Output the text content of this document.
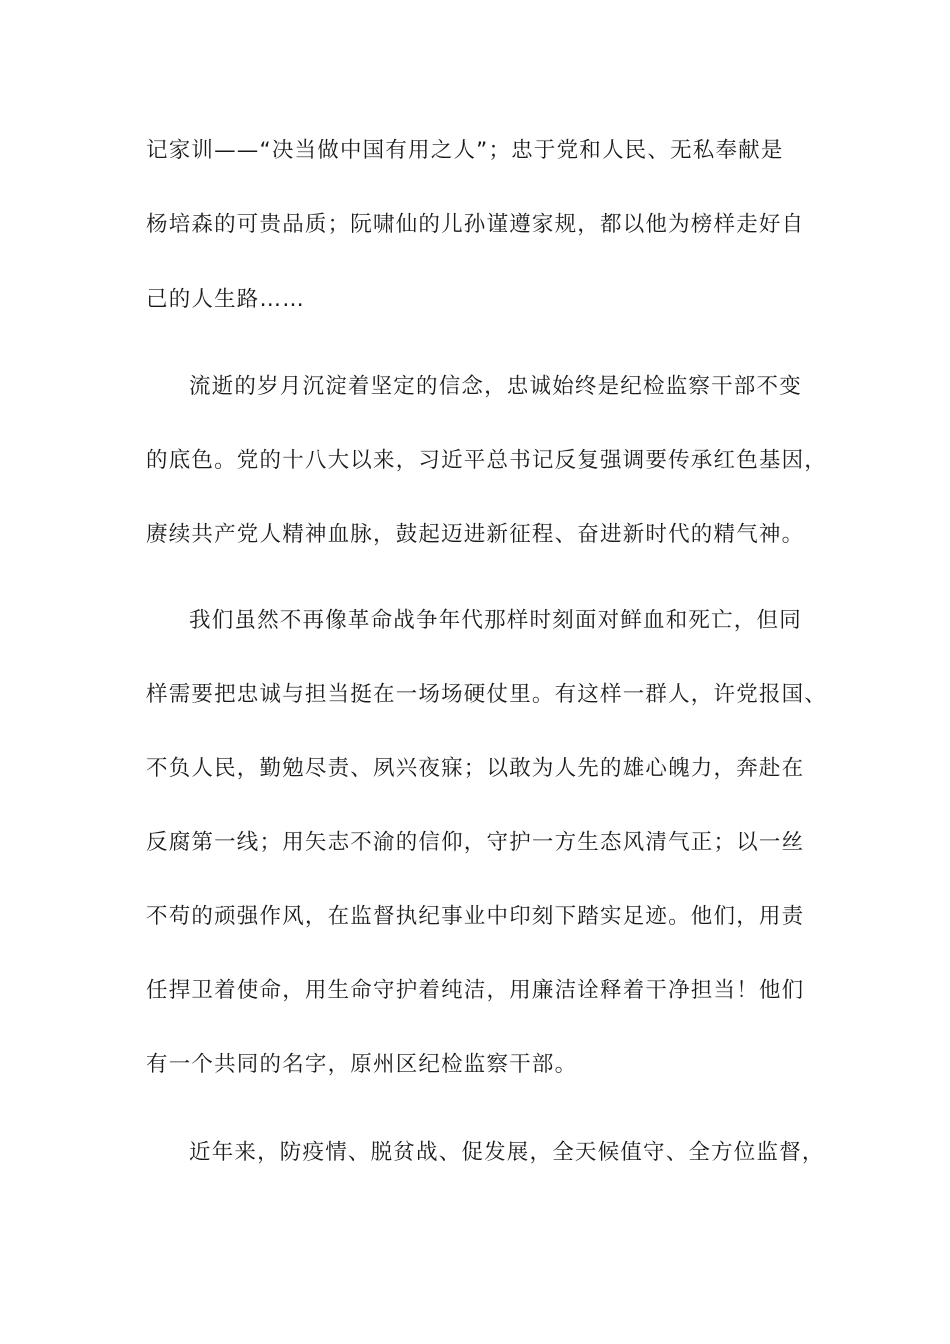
记家训——“决当做中国有用之人”；忠于党和人民、无私奉献是
杨培森的可贵品质；阮啸仙的儿孙谨遵家规，都以他为榜样走好自
己的人生路……
流逝的岁月沉淀着坚定的信念，忠诚始终是纪检监察干部不变
的底色。党的十八大以来，习近平总书记反复强调要传承红色基因，
赓续共产党人精神血脉，鼓起迈进新征程、奋进新时代的精气神。
我们虽然不再像革命战争年代那样时刻面对鲜血和死亡，但同
样需要把忠诚与担当挺在一场场硬仗里。有这样一群人，许党报国、
不负人民，勤勉尽责、夙兴夜寐；以敢为人先的雄心魄力，奔赴在
反腐第一线；用矢志不渝的信仰，守护一方生态风清气正；以一丝
不苟的顽强作风，在监督执纪事业中印刻下踏实足迹。他们，用责
任捍卫着使命，用生命守护着纯洁，用廉洁诠释着干净担当！他们
有一个共同的名字，原州区纪检监察干部。
近年来，防疫情、脱贫战、促发展，全天候值守、全方位监督，
